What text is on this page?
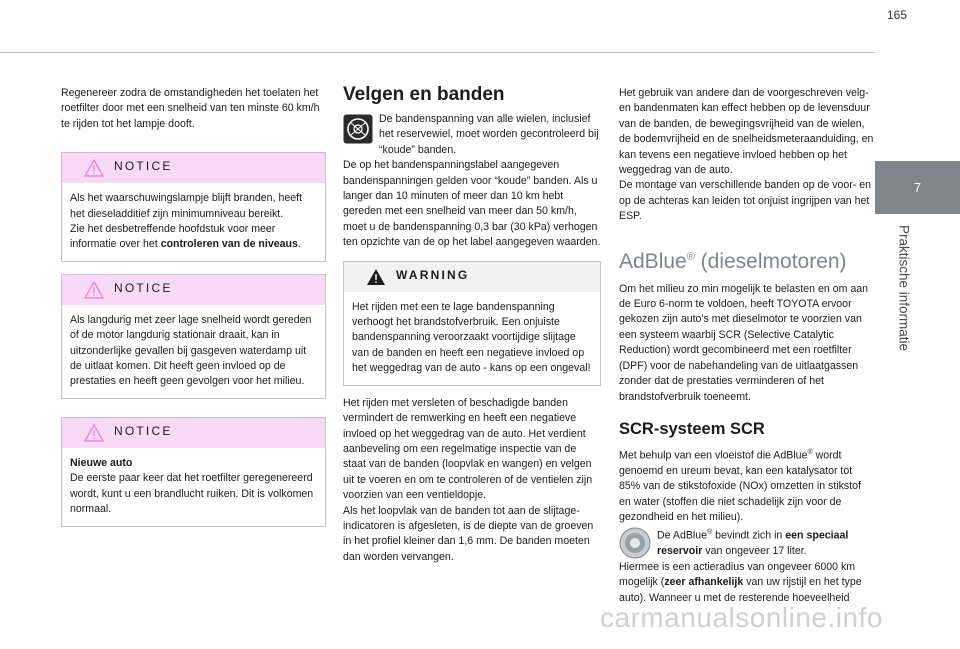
165
7
Praktische informatie

Regenereer zodra de omstandigheden het toelaten het roetfilter door met een snelheid van ten minste 60 km/h te rijden tot het lampje dooft.

NOTICE

Als het waarschuwingslampje blijft branden, heeft het dieseladditief zijn minimumniveau bereikt.

Zie het desbetreffende hoofdstuk voor meer informatie over het controleren van de niveaus.

NOTICE

Als langdurig met zeer lage snelheid wordt gereden of de motor langdurig stationair draait, kan in uitzonderlijke gevallen bij gasgeven waterdamp uit de uitlaat komen. Dit heeft geen invloed op de prestaties en heeft geen gevolgen voor het milieu.

NOTICE

Nieuwe auto

De eerste paar keer dat het roetfilter geregenereerd wordt, kunt u een brandlucht ruiken. Dit is volkomen normaal.

Velgen en banden

De bandenspanning van alle wielen, inclusief het reservewiel, moet worden gecontroleerd bij “koude” banden.

De op het bandenspanningslabel aangegeven bandenspanningen gelden voor “koude” banden. Als u langer dan 10 minuten of meer dan 10 km hebt gereden met een snelheid van meer dan 50 km/h, moet u de bandenspanning 0,3 bar (30 kPa) verhogen ten opzichte van de op het label aangegeven waarden.

WARNING

Het rijden met een te lage bandenspanning verhoogt het brandstofverbruik. Een onjuiste bandenspanning veroorzaakt voortijdige slijtage van de banden en heeft een negatieve invloed op het weggedrag van de auto - kans op een ongeval!

Het rijden met versleten of beschadigde banden vermindert de remwerking en heeft een negatieve invloed op het weggedrag van de auto. Het verdient aanbeveling om een regelmatige inspectie van de staat van de banden (loopvlak en wangen) en velgen uit te voeren en om te controleren of de ventielen zijn voorzien van een ventieldopje.

Als het loopvlak van de banden tot aan de slijtage-indicatoren is afgesleten, is de diepte van de groeven in het profiel kleiner dan 1,6 mm. De banden moeten dan worden vervangen.

Het gebruik van andere dan de voorgeschreven velg- en bandenmaten kan effect hebben op de levensduur van de banden, de bewegingsvrijheid van de wielen, de bodemvrijheid en de snelheidsmeteraanduiding, en kan tevens een negatieve invloed hebben op het weggedrag van de auto.

De montage van verschillende banden op de voor- en op de achteras kan leiden tot onjuist ingrijpen van het ESP.

AdBlue® (dieselmotoren)

Om het milieu zo min mogelijk te belasten en om aan de Euro 6-norm te voldoen, heeft TOYOTA ervoor gekozen zijn auto's met dieselmotor te voorzien van een systeem waarbij SCR (Selective Catalytic Reduction) wordt gecombineerd met een roetfilter (DPF) voor de nabehandeling van de uitlaatgassen zonder dat de prestaties verminderen of het brandstofverbruik toeneemt.

SCR-systeem SCR

Met behulp van een vloeistof die AdBlue® wordt genoemd en ureum bevat, kan een katalysator tot 85% van de stikstofoxide (NOx) omzetten in stikstof en water (stoffen die niet schadelijk zijn voor de gezondheid en het milieu).

De AdBlue® bevindt zich in een speciaal reservoir van ongeveer 17 liter.

Hiermee is een actieradius van ongeveer 6000 km mogelijk (zeer afhankelijk van uw rijstijl en het type auto). Wanneer u met de resterende hoeveelheid

carmanualsonline.info
